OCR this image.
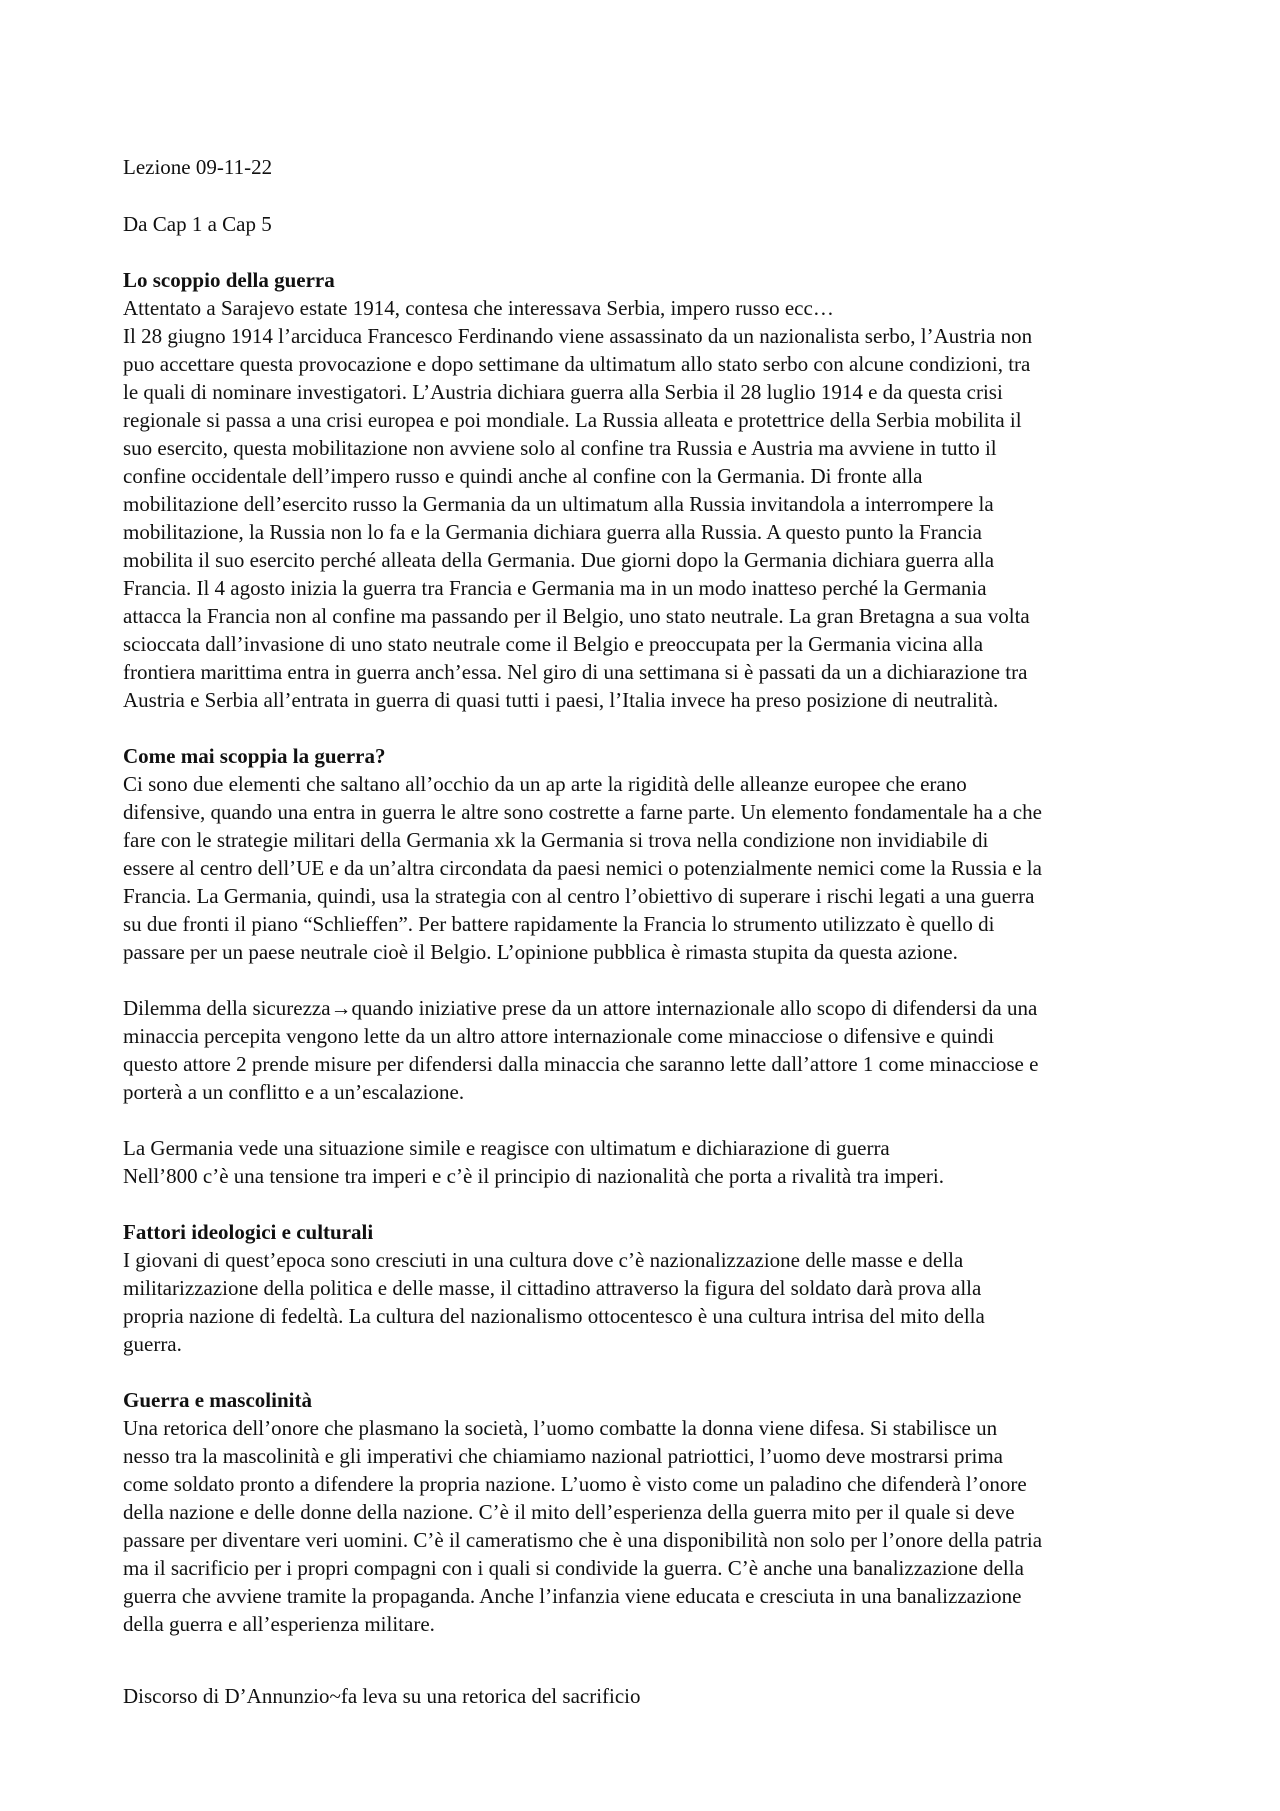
Lezione 09-11-22
Da Cap 1 a Cap 5
Lo scoppio della guerra
Attentato a Sarajevo estate 1914, contesa che interessava Serbia, impero russo ecc…
Il 28 giugno 1914 l’arciduca Francesco Ferdinando viene assassinato da un nazionalista serbo, l’Austria non
puo accettare questa provocazione e dopo settimane da ultimatum allo stato serbo con alcune condizioni, tra
le quali di nominare investigatori. L’Austria dichiara guerra alla Serbia il 28 luglio 1914 e da questa crisi
regionale si passa a una crisi europea e poi mondiale. La Russia alleata e protettrice della Serbia mobilita il
suo esercito, questa mobilitazione non avviene solo al confine tra Russia e Austria ma avviene in tutto il
confine occidentale dell’impero russo e quindi anche al confine con la Germania. Di fronte alla
mobilitazione dell’esercito russo la Germania da un ultimatum alla Russia invitandola a interrompere la
mobilitazione, la Russia non lo fa e la Germania dichiara guerra alla Russia. A questo punto la Francia
mobilita il suo esercito perché alleata della Germania. Due giorni dopo la Germania dichiara guerra alla
Francia. Il 4 agosto inizia la guerra tra Francia e Germania ma in un modo inatteso perché la Germania
attacca la Francia non al confine ma passando per il Belgio, uno stato neutrale. La gran Bretagna a sua volta
scioccata dall’invasione di uno stato neutrale come il Belgio e preoccupata per la Germania vicina alla
frontiera marittima entra in guerra anch’essa. Nel giro di una settimana si è passati da un a dichiarazione tra
Austria e Serbia all’entrata in guerra di quasi tutti i paesi, l’Italia invece ha preso posizione di neutralità.
Come mai scoppia la guerra?
Ci sono due elementi che saltano all’occhio da un ap arte la rigidità delle alleanze europee che erano
difensive, quando una entra in guerra le altre sono costrette a farne parte. Un elemento fondamentale ha a che
fare con le strategie militari della Germania xk la Germania si trova nella condizione non invidiabile di
essere al centro dell’UE e da un’altra circondata da paesi nemici o potenzialmente nemici come la Russia e la
Francia. La Germania, quindi, usa la strategia con al centro l’obiettivo di superare i rischi legati a una guerra
su due fronti il piano “Schlieffen”. Per battere rapidamente la Francia lo strumento utilizzato è quello di
passare per un paese neutrale cioè il Belgio. L’opinione pubblica è rimasta stupita da questa azione.
Dilemma della sicurezza→quando iniziative prese da un attore internazionale allo scopo di difendersi da una
minaccia percepita vengono lette da un altro attore internazionale come minacciose o difensive e quindi
questo attore 2 prende misure per difendersi dalla minaccia che saranno lette dall’attore 1 come minacciose e
porterà a un conflitto e a un’escalazione.
La Germania vede una situazione simile e reagisce con ultimatum e dichiarazione di guerra
Nell’800 c’è una tensione tra imperi e c’è il principio di nazionalità che porta a rivalità tra imperi.
Fattori ideologici e culturali
I giovani di quest’epoca sono cresciuti in una cultura dove c’è nazionalizzazione delle masse e della
militarizzazione della politica e delle masse, il cittadino attraverso la figura del soldato darà prova alla
propria nazione di fedeltà. La cultura del nazionalismo ottocentesco è una cultura intrisa del mito della
guerra.
Guerra e mascolinità
Una retorica dell’onore che plasmano la società, l’uomo combatte la donna viene difesa. Si stabilisce un
nesso tra la mascolinità e gli imperativi che chiamiamo nazional patriottici, l’uomo deve mostrarsi prima
come soldato pronto a difendere la propria nazione. L’uomo è visto come un paladino che difenderà l’onore
della nazione e delle donne della nazione. C’è il mito dell’esperienza della guerra mito per il quale si deve
passare per diventare veri uomini. C’è il cameratismo che è una disponibilità non solo per l’onore della patria
ma il sacrificio per i propri compagni con i quali si condivide la guerra. C’è anche una banalizzazione della
guerra che avviene tramite la propaganda. Anche l’infanzia viene educata e cresciuta in una banalizzazione
della guerra e all’esperienza militare.
Discorso di D’Annunzio~fa leva su una retorica del sacrificio
